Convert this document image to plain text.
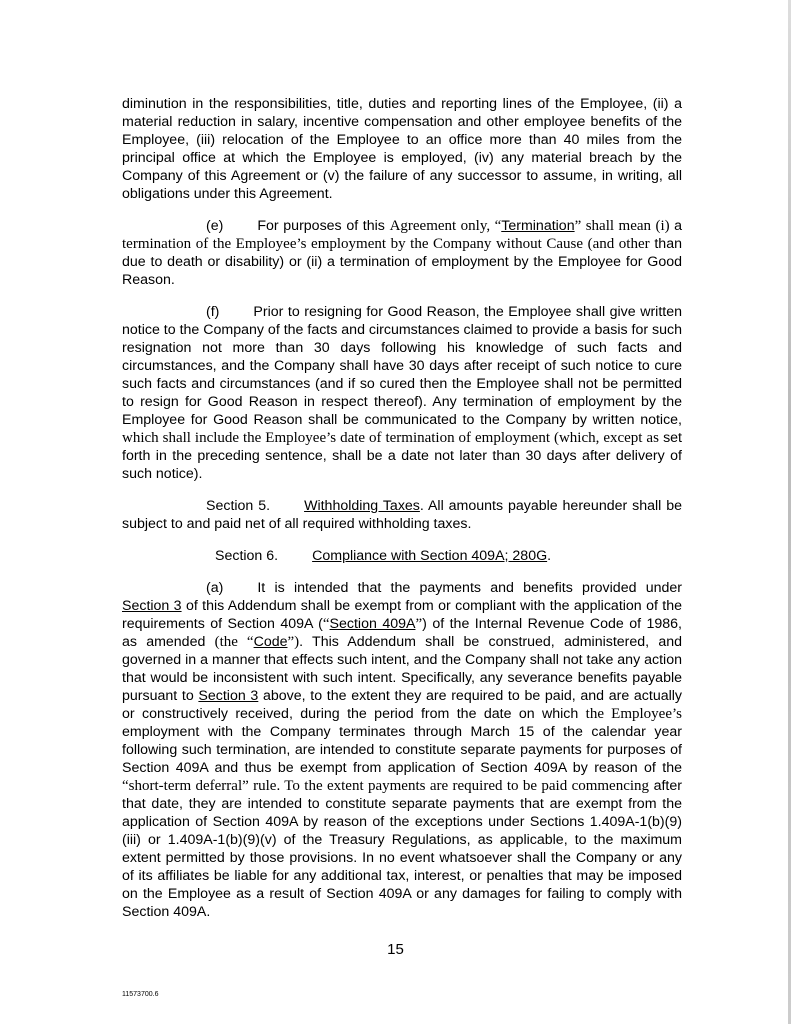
diminution in the responsibilities, title, duties and reporting lines of the Employee, (ii) a material reduction in salary, incentive compensation and other employee benefits of the Employee, (iii) relocation of the Employee to an office more than 40 miles from the principal office at which the Employee is employed, (iv) any material breach by the Company of this Agreement or (v) the failure of any successor to assume, in writing, all obligations under this Agreement.

(e) For purposes of this Agreement only, “Termination” shall mean (i) a termination of the Employee’s employment by the Company without Cause (and other than due to death or disability) or (ii) a termination of employment by the Employee for Good Reason.

(f) Prior to resigning for Good Reason, the Employee shall give written notice to the Company of the facts and circumstances claimed to provide a basis for such resignation not more than 30 days following his knowledge of such facts and circumstances, and the Company shall have 30 days after receipt of such notice to cure such facts and circumstances (and if so cured then the Employee shall not be permitted to resign for Good Reason in respect thereof). Any termination of employment by the Employee for Good Reason shall be communicated to the Company by written notice, which shall include the Employee’s date of termination of employment (which, except as set forth in the preceding sentence, shall be a date not later than 30 days after delivery of such notice).

Section 5. Withholding Taxes. All amounts payable hereunder shall be subject to and paid net of all required withholding taxes.

Section 6. Compliance with Section 409A; 280G.

(a) It is intended that the payments and benefits provided under Section 3 of this Addendum shall be exempt from or compliant with the application of the requirements of Section 409A (“Section 409A”) of the Internal Revenue Code of 1986, as amended (the “Code”). This Addendum shall be construed, administered, and governed in a manner that effects such intent, and the Company shall not take any action that would be inconsistent with such intent. Specifically, any severance benefits payable pursuant to Section 3 above, to the extent they are required to be paid, and are actually or constructively received, during the period from the date on which the Employee’s employment with the Company terminates through March 15 of the calendar year following such termination, are intended to constitute separate payments for purposes of Section 409A and thus be exempt from application of Section 409A by reason of the “short-term deferral” rule. To the extent payments are required to be paid commencing after that date, they are intended to constitute separate payments that are exempt from the application of Section 409A by reason of the exceptions under Sections 1.409A-1(b)(9)(iii) or 1.409A-1(b)(9)(v) of the Treasury Regulations, as applicable, to the maximum extent permitted by those provisions. In no event whatsoever shall the Company or any of its affiliates be liable for any additional tax, interest, or penalties that may be imposed on the Employee as a result of Section 409A or any damages for failing to comply with Section 409A.

15
11573700.6
